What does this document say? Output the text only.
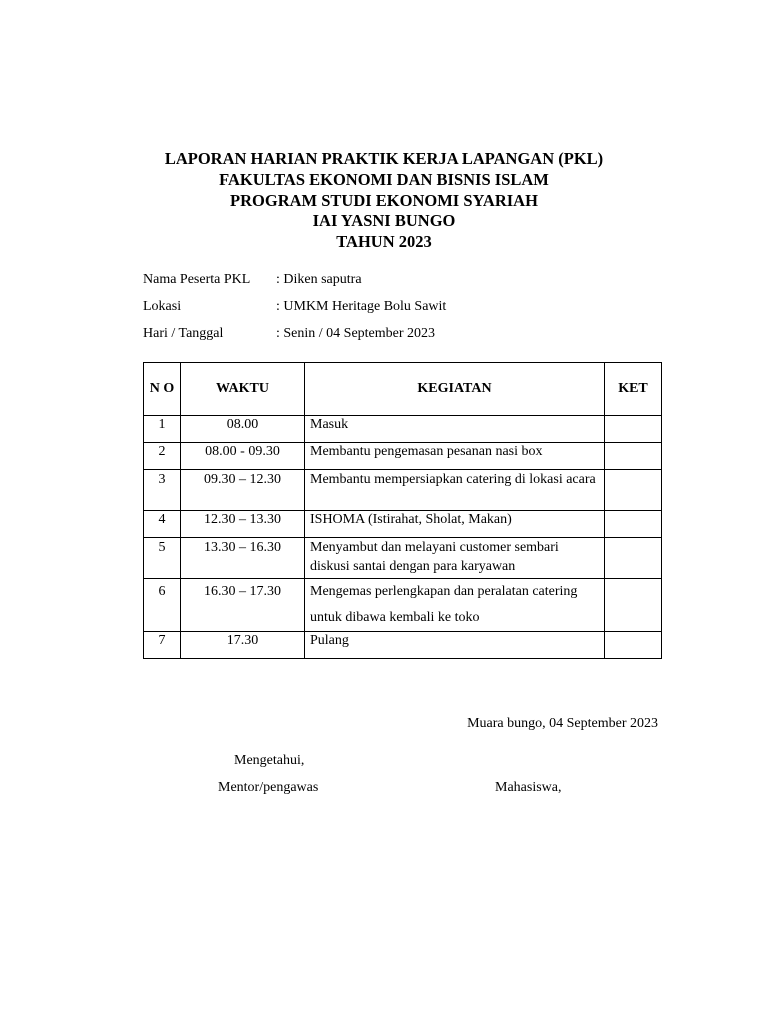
LAPORAN HARIAN PRAKTIK KERJA LAPANGAN (PKL)
FAKULTAS EKONOMI DAN BISNIS ISLAM
PROGRAM STUDI EKONOMI SYARIAH
IAI YASNI BUNGO
TAHUN 2023
Nama Peserta PKL : Diken saputra
Lokasi	: UMKM Heritage Bolu Sawit
Hari / Tanggal	: Senin / 04 September 2023
N O	WAKTU	KEGIATAN	KET
1	08.00	Masuk	
2	08.00 - 09.30	Membantu pengemasan pesanan nasi box	
3	09.30 – 12.30	Membantu mempersiapkan catering di lokasi acara	
4	12.30 – 13.30	ISHOMA (Istirahat, Sholat, Makan)	
5	13.30 – 16.30	Menyambut dan melayani customer sembari diskusi santai dengan para karyawan	
6	16.30 – 17.30	Mengemas perlengkapan dan peralatan catering untuk dibawa kembali ke toko	
7	17.30	Pulang	
Muara bungo, 04 September 2023
Mengetahui,
Mentor/pengawas	Mahasiswa,
